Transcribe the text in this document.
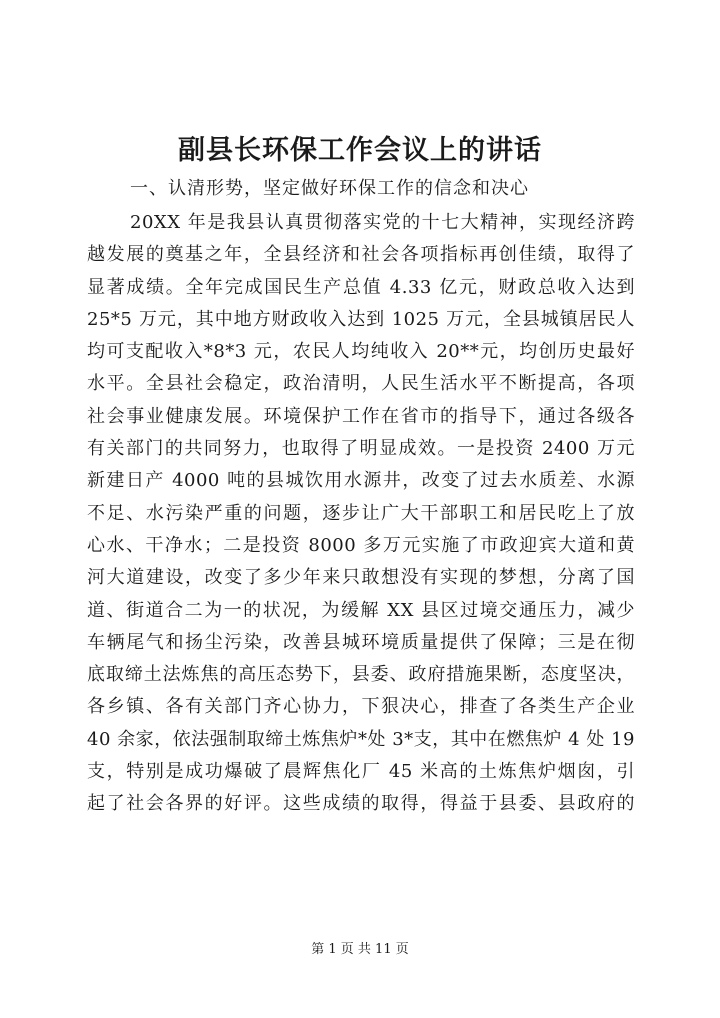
副县长环保工作会议上的讲话

一、认清形势，坚定做好环保工作的信念和决心

20XX 年是我县认真贯彻落实党的十七大精神，实现经济跨
越发展的奠基之年，全县经济和社会各项指标再创佳绩，取得了
显著成绩。全年完成国民生产总值 4.33 亿元，财政总收入达到
25*5 万元，其中地方财政收入达到 1025 万元，全县城镇居民人
均可支配收入*8*3 元，农民人均纯收入 20**元，均创历史最好
水平。全县社会稳定，政治清明，人民生活水平不断提高，各项
社会事业健康发展。环境保护工作在省市的指导下，通过各级各
有关部门的共同努力，也取得了明显成效。一是投资 2400 万元
新建日产 4000 吨的县城饮用水源井，改变了过去水质差、水源
不足、水污染严重的问题，逐步让广大干部职工和居民吃上了放
心水、干净水；二是投资 8000 多万元实施了市政迎宾大道和黄
河大道建设，改变了多少年来只敢想没有实现的梦想，分离了国
道、街道合二为一的状况，为缓解 XX 县区过境交通压力，减少
车辆尾气和扬尘污染，改善县城环境质量提供了保障；三是在彻
底取缔土法炼焦的高压态势下，县委、政府措施果断，态度坚决，
各乡镇、各有关部门齐心协力，下狠决心，排查了各类生产企业
40 余家，依法强制取缔土炼焦炉*处 3*支，其中在燃焦炉 4 处 19
支，特别是成功爆破了晨辉焦化厂 45 米高的土炼焦炉烟囱，引
起了社会各界的好评。这些成绩的取得，得益于县委、县政府的

第 1 页 共 11 页
